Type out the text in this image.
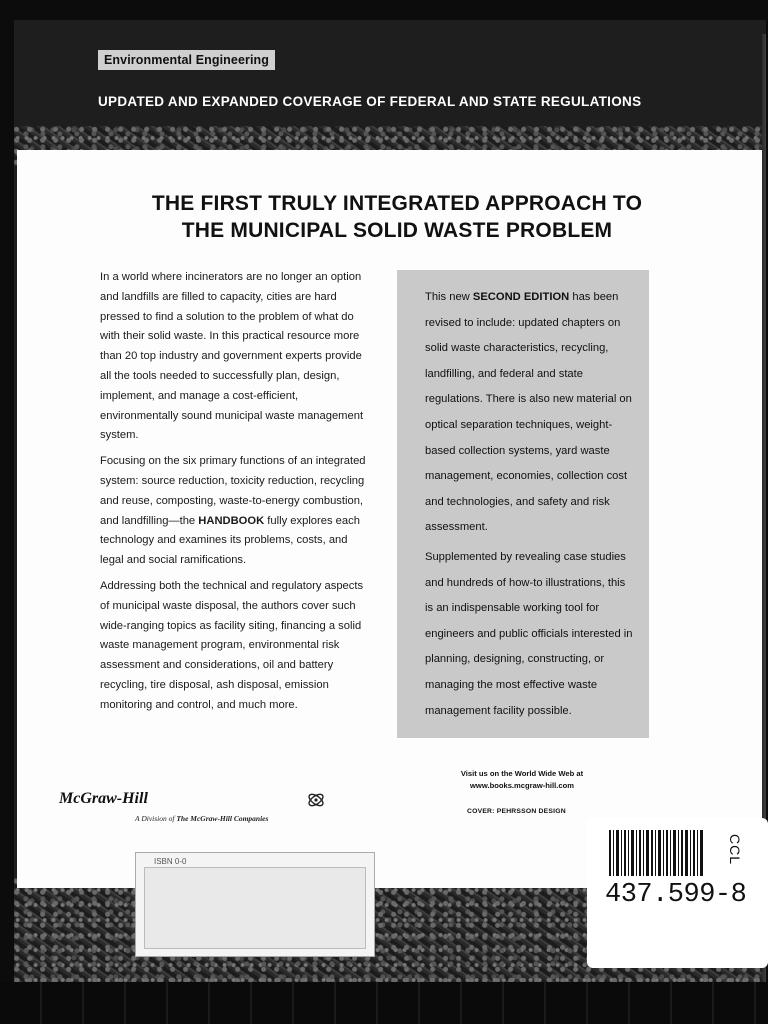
Environmental Engineering
UPDATED AND EXPANDED COVERAGE OF FEDERAL AND STATE REGULATIONS
THE FIRST TRULY INTEGRATED APPROACH TO
THE MUNICIPAL SOLID WASTE PROBLEM

In a world where incinerators are no longer an option and landfills are filled to capacity, cities are hard pressed to find a solution to the problem of what do with their solid waste. In this practical resource more than 20 top industry and government experts provide all the tools needed to successfully plan, design, implement, and manage a cost-efficient, environmentally sound municipal waste management system.

Focusing on the six primary functions of an integrated system: source reduction, toxicity reduction, recycling and reuse, composting, waste-to-energy combustion, and landfilling—the HANDBOOK fully explores each technology and examines its problems, costs, and legal and social ramifications.

Addressing both the technical and regulatory aspects of municipal waste disposal, the authors cover such wide-ranging topics as facility siting, financing a solid waste management program, environmental risk assessment and considerations, oil and battery recycling, tire disposal, ash disposal, emission monitoring and control, and much more.

This new SECOND EDITION has been revised to include: updated chapters on solid waste characteristics, recycling, landfilling, and federal and state regulations. There is also new material on optical separation techniques, weight-based collection systems, yard waste management, economies, collection cost and technologies, and safety and risk assessment.

Supplemented by revealing case studies and hundreds of how-to illustrations, this is an indispensable working tool for engineers and public officials interested in planning, designing, constructing, or managing the most effective waste management facility possible.

McGraw-Hill
A Division of The McGraw-Hill Companies
Visit us on the World Wide Web at
www.books.mcgraw-hill.com
COVER: PEHRSSON DESIGN
ISBN 0-0	CCL
437.599-8
